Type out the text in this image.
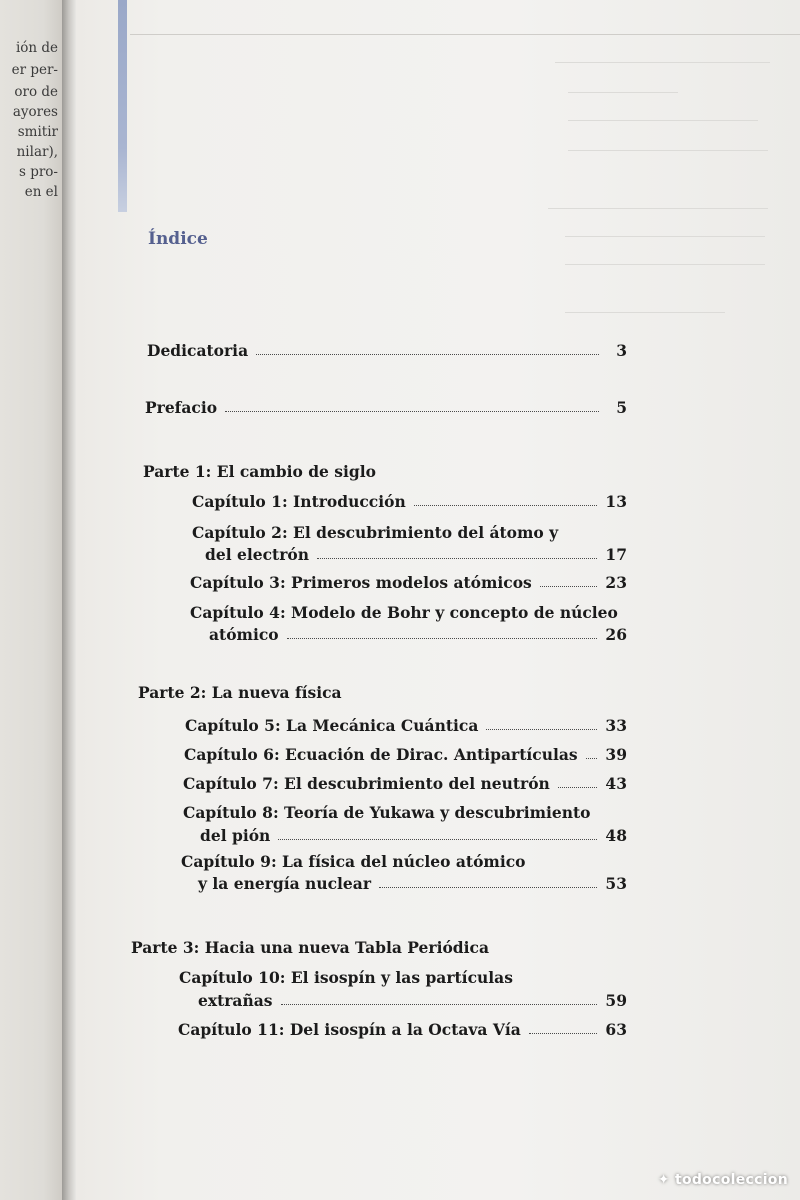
ión de
er per-
oro de
ayores
smitir
nilar),
s pro-
en el
Índice
Dedicatoria	3
Prefacio	5
Parte 1: El cambio de siglo
Capítulo 1: Introducción	13
Capítulo 2: El descubrimiento del átomo y
del electrón	17
Capítulo 3: Primeros modelos atómicos	23
Capítulo 4: Modelo de Bohr y concepto de núcleo
atómico	26
Parte 2: La nueva física
Capítulo 5: La Mecánica Cuántica	33
Capítulo 6: Ecuación de Dirac. Antipartículas 39
Capítulo 7: El descubrimiento del neutrón	43
Capítulo 8: Teoría de Yukawa y descubrimiento
del pión	48
Capítulo 9: La física del núcleo atómico
y la energía nuclear	53
Parte 3: Hacia una nueva Tabla Periódica
Capítulo 10: El isospín y las partículas
extrañas	59
Capítulo 11: Del isospín a la Octava Vía	63
✦ todocoleccion
